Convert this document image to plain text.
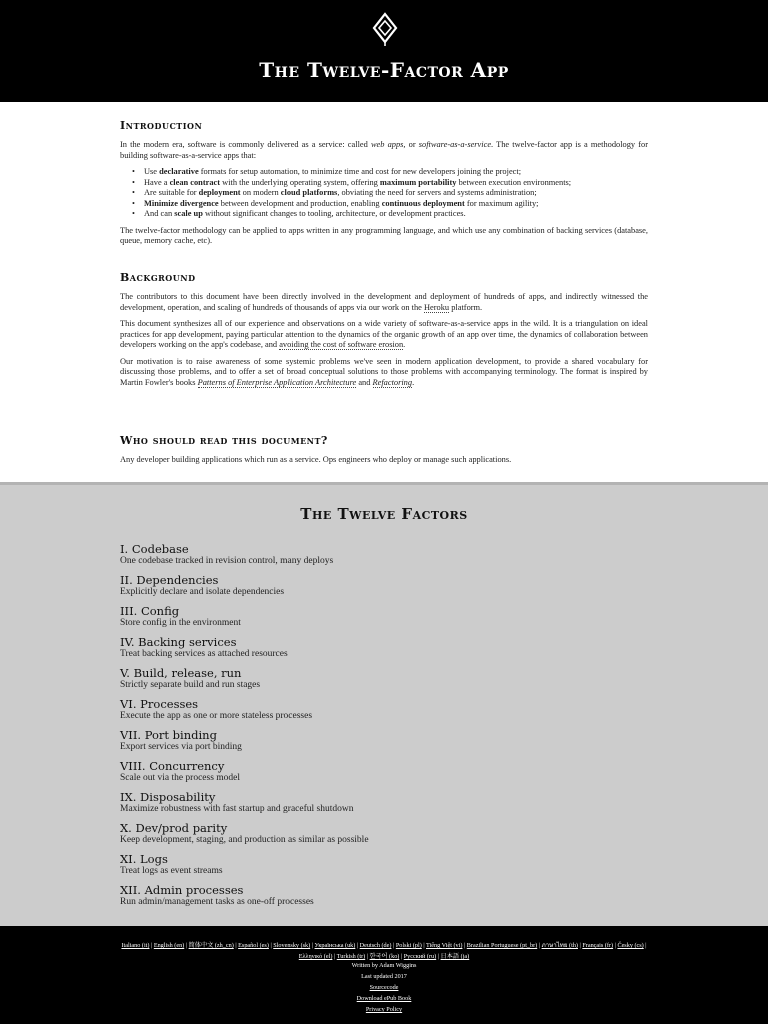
The Twelve-Factor App
Introduction

In the modern era, software is commonly delivered as a service: called web apps, or software-as-a-service. The twelve-factor app is a methodology for building software-as-a-service apps that:

• Use declarative formats for setup automation, to minimize time and cost for new developers joining the project;
• Have a clean contract with the underlying operating system, offering maximum portability between execution environments;
• Are suitable for deployment on modern cloud platforms, obviating the need for servers and systems administration;
• Minimize divergence between development and production, enabling continuous deployment for maximum agility;
• And can scale up without significant changes to tooling, architecture, or development practices.

The twelve-factor methodology can be applied to apps written in any programming language, and which use any combination of backing services (database, queue, memory cache, etc).

Background

The contributors to this document have been directly involved in the development and deployment of hundreds of apps, and indirectly witnessed the development, operation, and scaling of hundreds of thousands of apps via our work on the Heroku platform.

This document synthesizes all of our experience and observations on a wide variety of software-as-a-service apps in the wild. It is a triangulation on ideal practices for app development, paying particular attention to the dynamics of the organic growth of an app over time, the dynamics of collaboration between developers working on the app's codebase, and avoiding the cost of software erosion.

Our motivation is to raise awareness of some systemic problems we've seen in modern application development, to provide a shared vocabulary for discussing those problems, and to offer a set of broad conceptual solutions to those problems with accompanying terminology. The format is inspired by Martin Fowler's books Patterns of Enterprise Application Architecture and Refactoring.

Who should read this document?

Any developer building applications which run as a service. Ops engineers who deploy or manage such applications.

The Twelve Factors
I. Codebase
One codebase tracked in revision control, many deploys
II. Dependencies
Explicitly declare and isolate dependencies
III. Config
Store config in the environment
IV. Backing services
Treat backing services as attached resources
V. Build, release, run
Strictly separate build and run stages
VI. Processes
Execute the app as one or more stateless processes
VII. Port binding
Export services via port binding
VIII. Concurrency
Scale out via the process model
IX. Disposability
Maximize robustness with fast startup and graceful shutdown
X. Dev/prod parity
Keep development, staging, and production as similar as possible
XI. Logs
Treat logs as event streams
XII. Admin processes
Run admin/management tasks as one-off processes
Italiano (it) | English (en) | 简体中文 (zh_cn) | Español (es) | Slovensky (sk) | Українська (uk) | Deutsch (de) | Polski (pl) | Tiếng Việt (vi) | Brazilian Portuguese (pt_br) | ภาษาไทย (th) | Français (fr) | Česky (cs) |
Ελληνικό (el) | Turkish (tr) | 한국어 (ko) | Русский (ru) | 日本語 (ja)
Written by Adam Wiggins
Last updated 2017
Sourcecode
Download ePub Book
Privacy Policy
